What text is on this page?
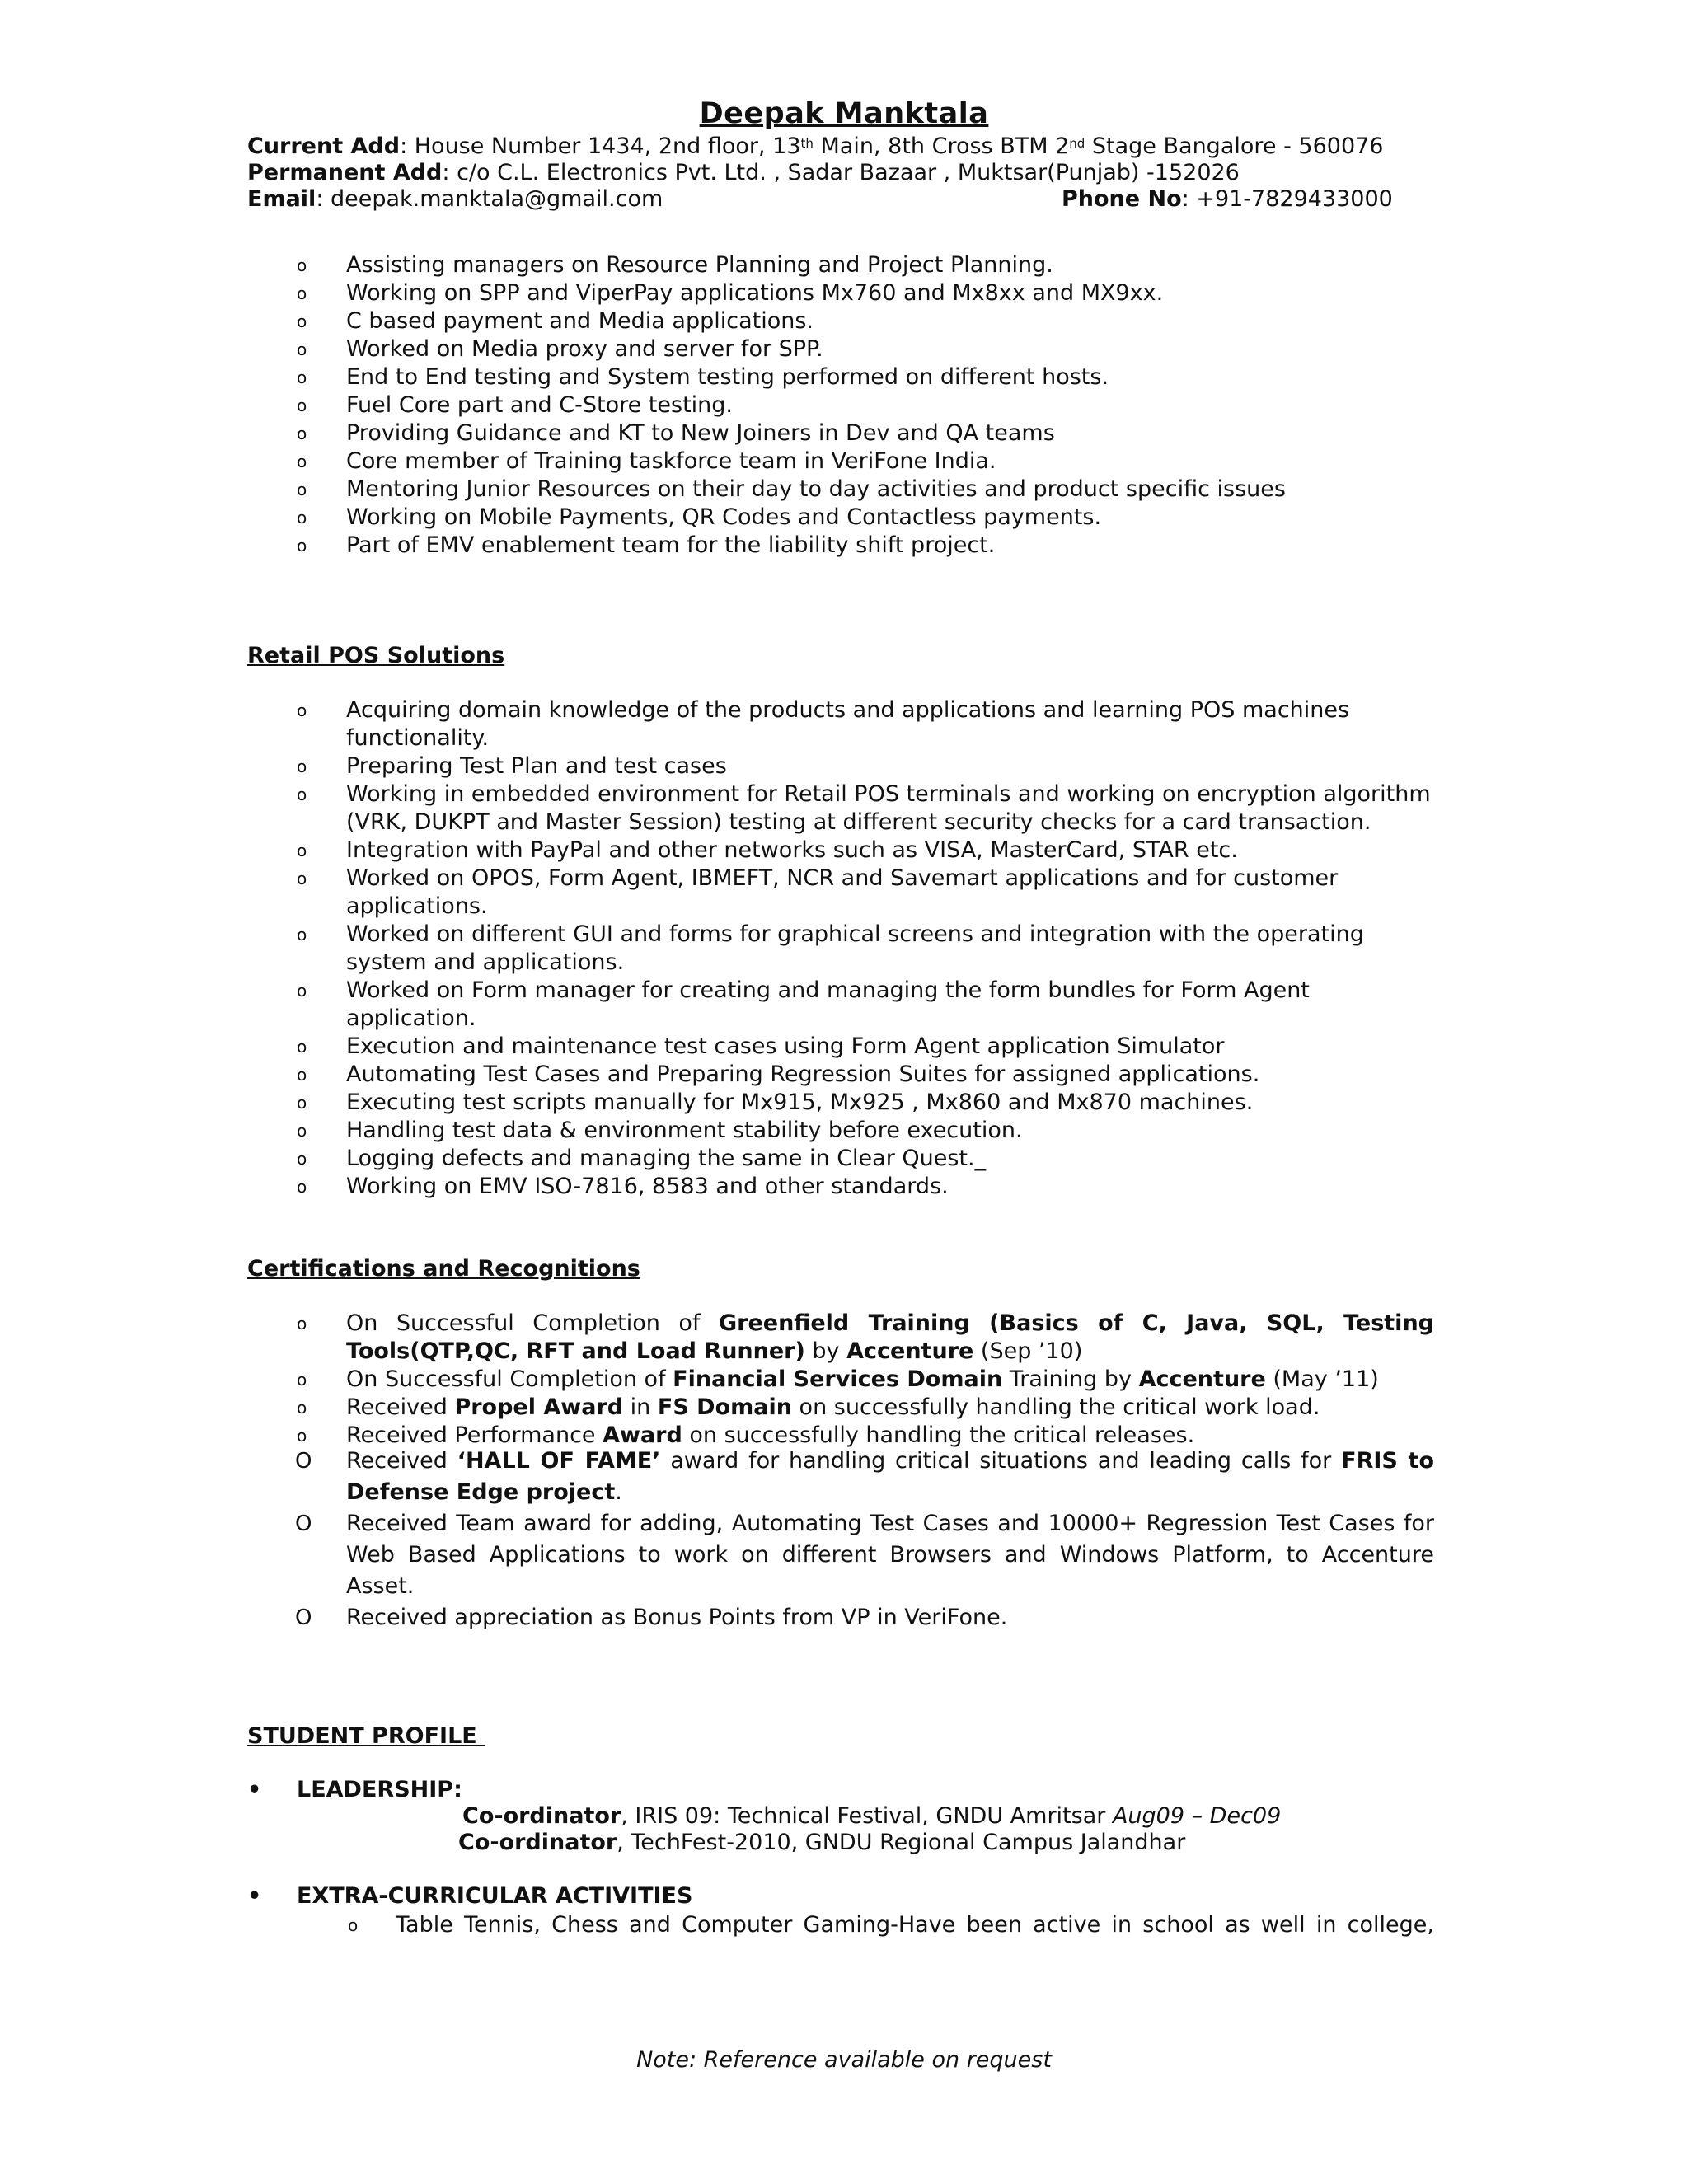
Deepak Manktala
Current Add: House Number 1434, 2nd floor, 13th Main, 8th Cross BTM 2nd Stage Bangalore - 560076
Permanent Add: c/o C.L. Electronics Pvt. Ltd. , Sadar Bazaar , Muktsar(Punjab) -152026
Email: deepak.manktala@gmail.com	Phone No: +91-7829433000
o Assisting managers on Resource Planning and Project Planning.
o Working on SPP and ViperPay applications Mx760 and Mx8xx and MX9xx.
o C based payment and Media applications.
o Worked on Media proxy and server for SPP.
o End to End testing and System testing performed on different hosts.
o Fuel Core part and C-Store testing.
o Providing Guidance and KT to New Joiners in Dev and QA teams
o Core member of Training taskforce team in VeriFone India.
o Mentoring Junior Resources on their day to day activities and product specific issues
o Working on Mobile Payments, QR Codes and Contactless payments.
o Part of EMV enablement team for the liability shift project.
Retail POS Solutions
o Acquiring domain knowledge of the products and applications and learning POS machines functionality.
o Preparing Test Plan and test cases
o Working in embedded environment for Retail POS terminals and working on encryption algorithm (VRK, DUKPT and Master Session) testing at different security checks for a card transaction.
o Integration with PayPal and other networks such as VISA, MasterCard, STAR etc.
o Worked on OPOS, Form Agent, IBMEFT, NCR and Savemart applications and for customer applications.
o Worked on different GUI and forms for graphical screens and integration with the operating system and applications.
o Worked on Form manager for creating and managing the form bundles for Form Agent application.
o Execution and maintenance test cases using Form Agent application Simulator
o Automating Test Cases and Preparing Regression Suites for assigned applications.
o Executing test scripts manually for Mx915, Mx925 , Mx860 and Mx870 machines.
o Handling test data & environment stability before execution.
o Logging defects and managing the same in Clear Quest._
o Working on EMV ISO-7816, 8583 and other standards.
Certifications and Recognitions
o On Successful Completion of Greenfield Training (Basics of C, Java, SQL, Testing Tools(QTP,QC, RFT and Load Runner) by Accenture (Sep ’10)
o On Successful Completion of Financial Services Domain Training by Accenture (May ’11)
o Received Propel Award in FS Domain on successfully handling the critical work load.
o Received Performance Award on successfully handling the critical releases.
O Received ‘HALL OF FAME’ award for handling critical situations and leading calls for FRIS to Defense Edge project.
O Received Team award for adding, Automating Test Cases and 10000+ Regression Test Cases for Web Based Applications to work on different Browsers and Windows Platform, to Accenture Asset.
O Received appreciation as Bonus Points from VP in VeriFone.
STUDENT PROFILE
• LEADERSHIP:
Co-ordinator, IRIS 09: Technical Festival, GNDU Amritsar Aug09 – Dec09
Co-ordinator, TechFest-2010, GNDU Regional Campus Jalandhar
• EXTRA-CURRICULAR ACTIVITIES
o Table Tennis, Chess and Computer Gaming-Have been active in school as well in college,
Note: Reference available on request
